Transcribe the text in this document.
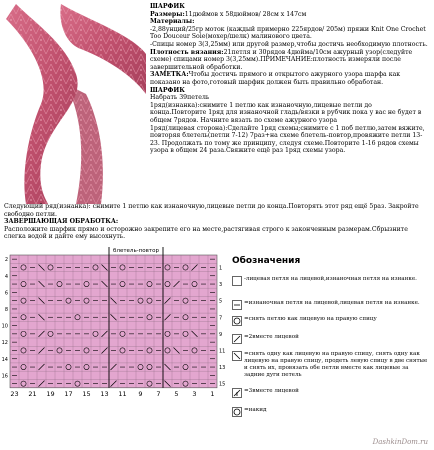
ШАРФИК
Размеры:11дюймов х 58дюймов/ 28см х 147см
Материалы:
-2,88унций/25гр моток (каждый примерно 225ярдов/ 205м) пряжи Knit One Crochet Too Douceur Soie(мохер/шелк) малинового цвета.
-Спицы номер 3(3,25мм) или другой размер,чтобы достичь необходимую плотность.
Плотность вязания:21петля и 30рядов 4дюйма/10см ажурный узор(следуйте схеме) спицами номер 3(3,25мм).ПРИМЕЧАНИЕ:плотность измеряли после завершительной обработки.
ЗАМЕТКА:Чтобы достичь прямого и открытого ажурного узора шарфа как показано на фото,готовый шарфик должен быть правильно обработан.
ШАРФИК
Набрать 39петель
1ряд(изнанка):снимите 1 петлю как изнаночную,лицевые петли до конца.Повторите 1ряд для изнаночной гладь/вязки в рубчик пока у вас не будет в общем 7рядов. Начните вязать по схеме ажурного узора
1ряд(лицевая сторона):Сделайте 1ряд схемы;снимите с 1 поб петлю,затем вяжите, повторяя блетель(петли 7-12) 7раз+на схеме блетель-повтор,провяжите петли 13-23. Продолжать по тому же принципу, следуя схеме.Повторите 1-16 рядов схемы узора в общем 24 раза.Свяжите ещё раз 1ряд схемы узора.
Следующий ряд(изнанка): снимите 1 петлю как изнаночную,лицевые петли до конца.Повторять этот ряд ещё 5раз. Закройте свободно петли.
ЗАВЕРШАЮЩАЯ ОБРАБОТКА:
Расположите шарфик прямо и осторожно закрепите его на месте,растягивая строго к законченным размерам.Сбрызните слегка водой и дайте ему высохнуть.
блетель-повтор
23 21 19 17 15 13 11 9 7 5 3 1
15
13
11
9
7
5
3
1
16
14
12
10
8
6
4
2	Обозначения
-лицевая петля на лицевой,изнаночная петля на изнанке.
=изнаночная петля на лицевой,лицевая петля на изнанке.
=снять петлю как лицевую на правую спицу
=2вместе лицевой
=снять одну как лицевую на правую спицу, снять одну как лицевую на правую спицу, продеть левую спицу в две снятые и снять их, провязать обе петли вместе как лицевые за задние дуги петель
=3вместе лицевой
=накид
DashkinDom.ru
